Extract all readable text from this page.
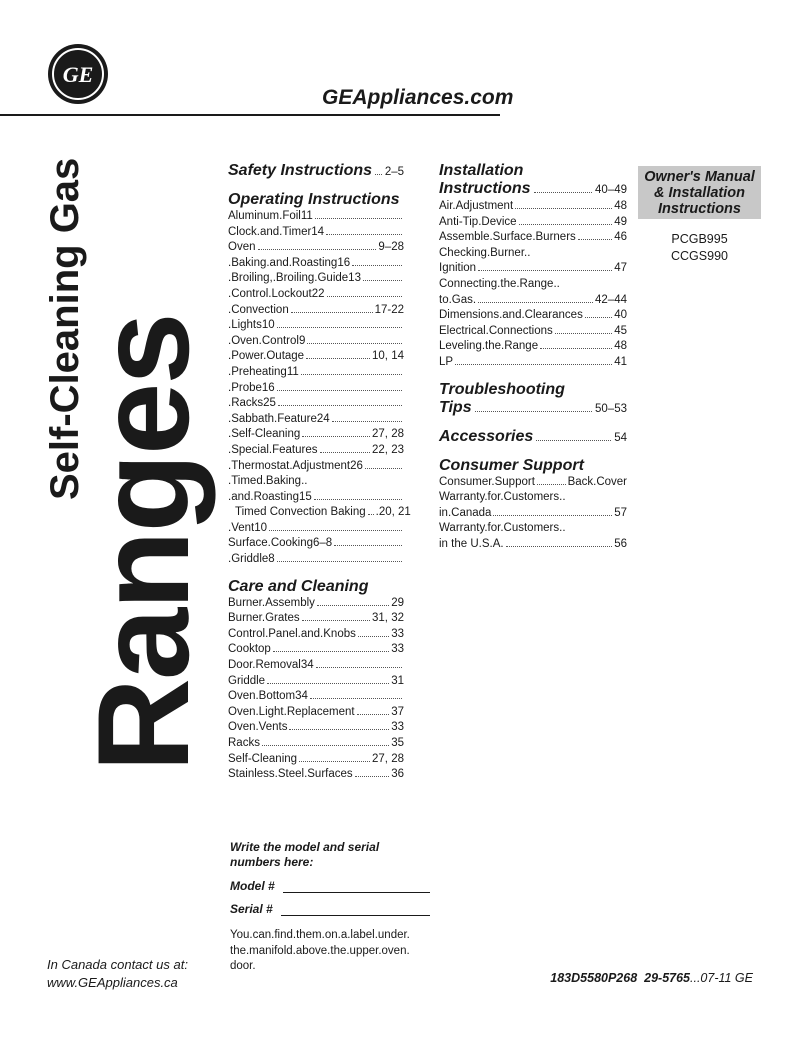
GE
GEAppliances.com
Self-Cleaning Gas
Ranges
Safety Instructions 2–5
Operating Instructions
Aluminum.Foil11
Clock.and.Timer14
Oven	9–28
.Baking.and.Roasting16
.Broiling,.Broiling.Guide13
.Control.Lockout22
.Convection	17-22
.Lights10
.Oven.Control9
.Power.Outage	10, 14
.Preheating11
.Probe16
.Racks25
.Sabbath.Feature24
.Self-Cleaning	27, 28
.Special.Features	22, 23
.Thermostat.Adjustment26
.Timed.Baking..
.and.Roasting15
Timed Convection Baking .20, 21
.Vent10
Surface.Cooking6–8
.Griddle8
Care and Cleaning
Burner.Assembly	29
Burner.Grates	31, 32
Control.Panel.and.Knobs	33
Cooktop	33
Door.Removal34
Griddle	31
Oven.Bottom34
Oven.Light.Replacement	37
Oven.Vents	33
Racks	35
Self-Cleaning	27, 28
Stainless.Steel.Surfaces	36
Installation
Instructions	40–49
Air.Adjustment	48
Anti-Tip.Device	49
Assemble.Surface.Burners	46
Checking.Burner..
Ignition	47
Connecting.the.Range..
to.Gas.	42–44
Dimensions.and.Clearances	40
Electrical.Connections	45
Leveling.the.Range	48
LP	41
Troubleshooting
Tips	50–53
Accessories	54
Consumer Support
Consumer.Support	Back.Cover
Warranty.for.Customers..
in.Canada	57
Warranty.for.Customers..
in the U.S.A.	56
Owner's Manual
& Installation
Instructions
PCGB995
CCGS990
Write the model and serial numbers here:
Model #
Serial #
You.can.find.them.on.a.label.under. the.manifold.above.the.upper.oven. door.
In Canada contact us at:
www.GEAppliances.ca	183D5580P268 29-5765...07-11 GE
